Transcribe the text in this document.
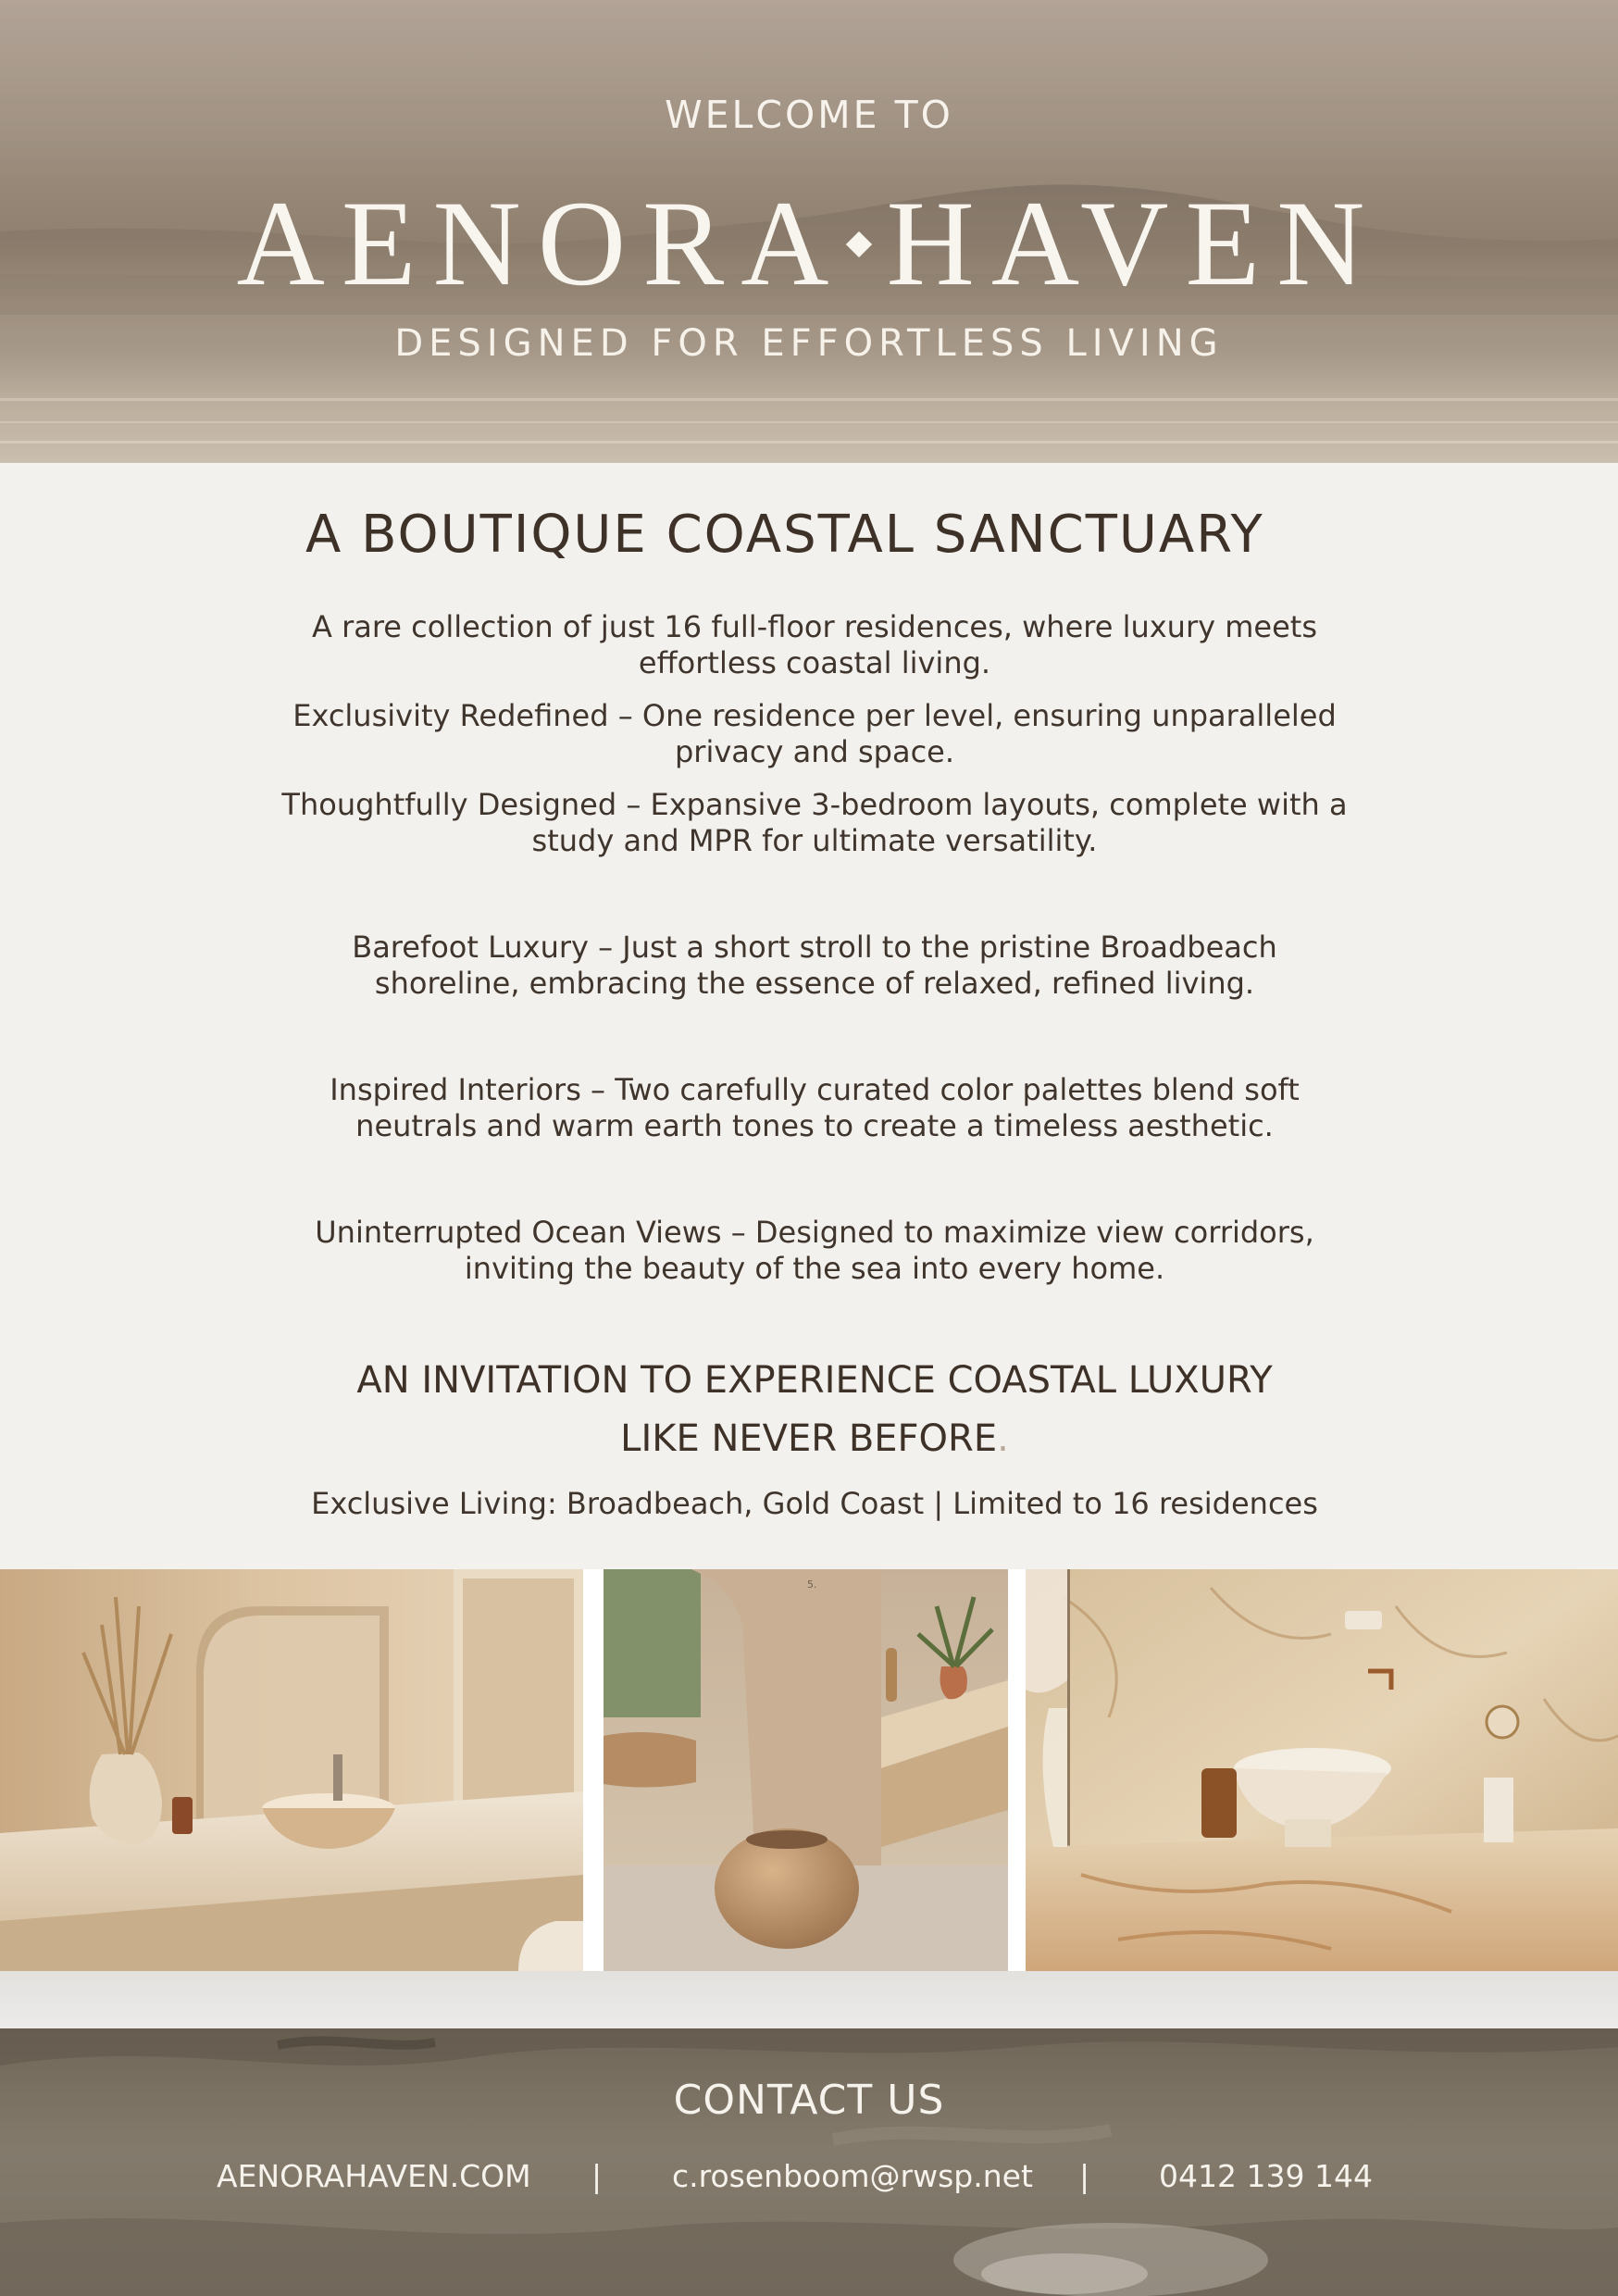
WELCOME TO
AENORA HAVEN
DESIGNED FOR EFFORTLESS LIVING
A BOUTIQUE COASTAL SANCTUARY

A rare collection of just 16 full-floor residences, where luxury meets effortless coastal living.

Exclusivity Redefined – One residence per level, ensuring unparalleled privacy and space.

Thoughtfully Designed – Expansive 3-bedroom layouts, complete with a study and MPR for ultimate versatility.

Barefoot Luxury – Just a short stroll to the pristine Broadbeach shoreline, embracing the essence of relaxed, refined living.

Inspired Interiors – Two carefully curated color palettes blend soft neutrals and warm earth tones to create a timeless aesthetic.

Uninterrupted Ocean Views – Designed to maximize view corridors, inviting the beauty of the sea into every home.

AN INVITATION TO EXPERIENCE COASTAL LUXURY
LIKE NEVER BEFORE.

Exclusive Living: Broadbeach, Gold Coast | Limited to 16 residences

5.
CONTACT US
AENORAHAVEN.COM | c.rosenboom@rwsp.net | 0412 139 144
